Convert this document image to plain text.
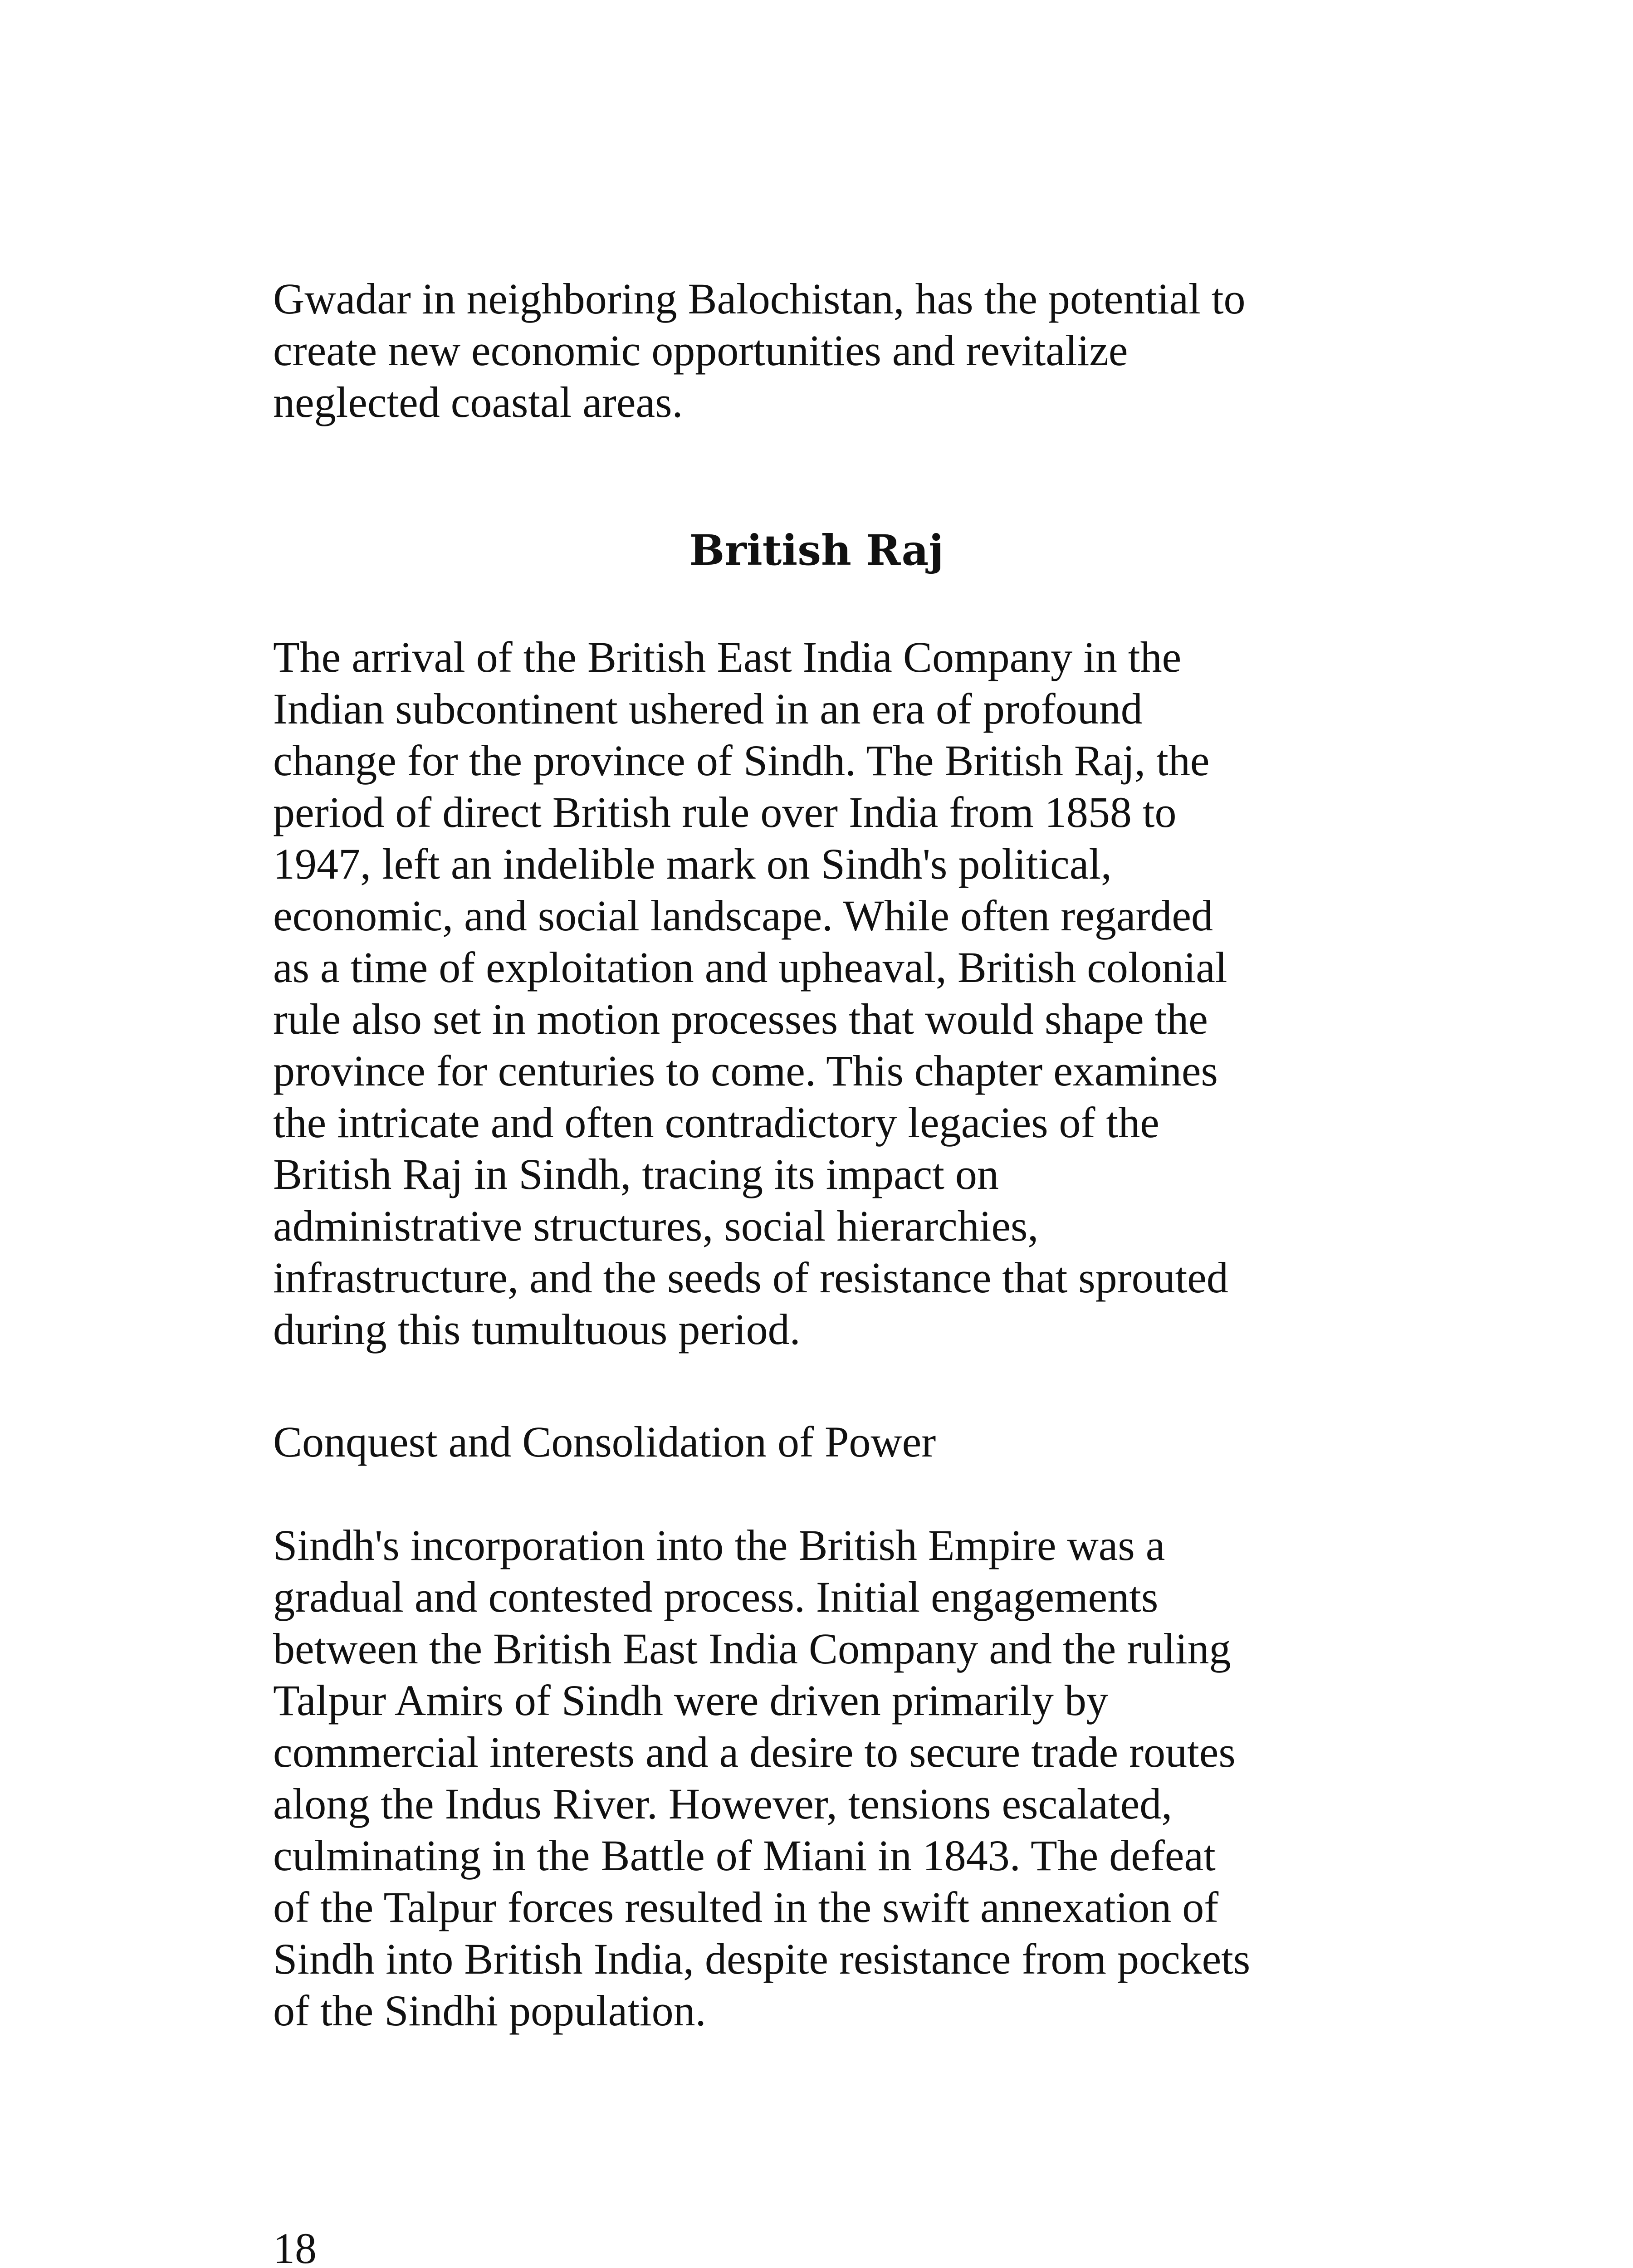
Gwadar in neighboring Balochistan, has the potential to
create new economic opportunities and revitalize
neglected coastal areas.

British Raj

The arrival of the British East India Company in the
Indian subcontinent ushered in an era of profound
change for the province of Sindh. The British Raj, the
period of direct British rule over India from 1858 to
1947, left an indelible mark on Sindh's political,
economic, and social landscape. While often regarded
as a time of exploitation and upheaval, British colonial
rule also set in motion processes that would shape the
province for centuries to come. This chapter examines
the intricate and often contradictory legacies of the
British Raj in Sindh, tracing its impact on
administrative structures, social hierarchies,
infrastructure, and the seeds of resistance that sprouted
during this tumultuous period.

Conquest and Consolidation of Power

Sindh's incorporation into the British Empire was a
gradual and contested process. Initial engagements
between the British East India Company and the ruling
Talpur Amirs of Sindh were driven primarily by
commercial interests and a desire to secure trade routes
along the Indus River. However, tensions escalated,
culminating in the Battle of Miani in 1843. The defeat
of the Talpur forces resulted in the swift annexation of
Sindh into British India, despite resistance from pockets
of the Sindhi population.

18
